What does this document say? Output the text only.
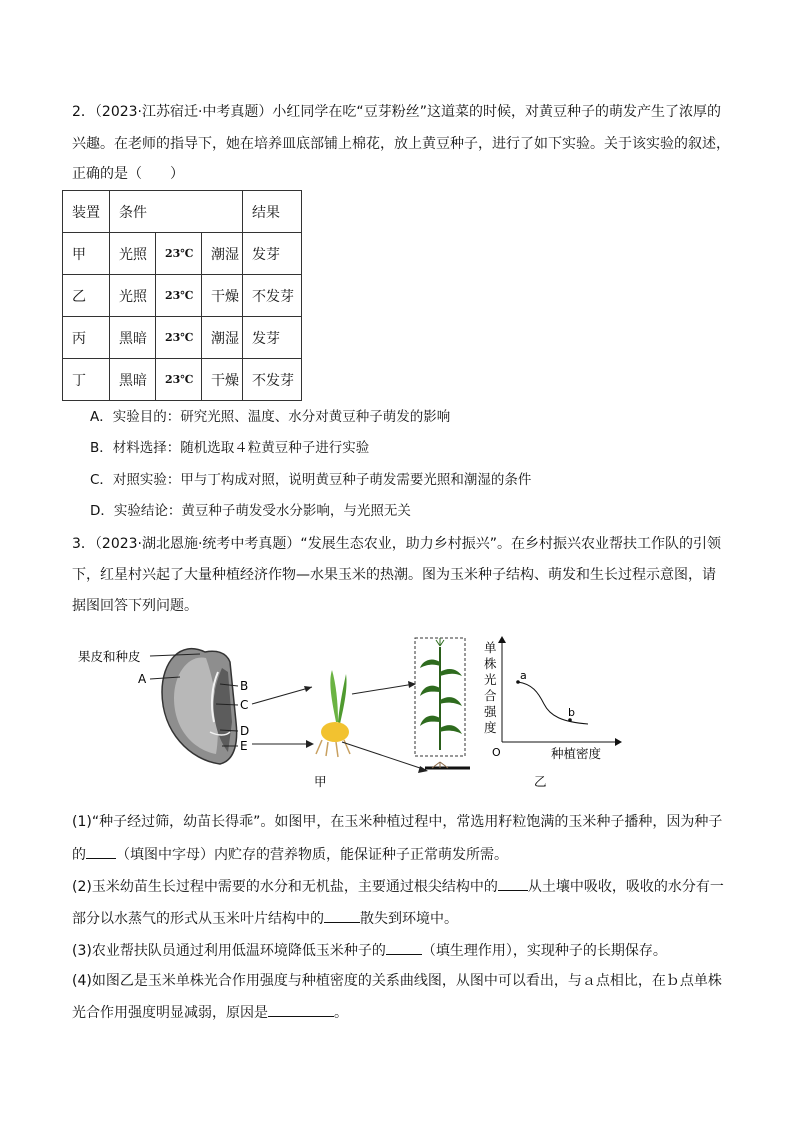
2．（2023·江苏宿迁·中考真题）小红同学在吃“豆芽粉丝”这道菜的时候，对黄豆种子的萌发产生了浓厚的
兴趣。在老师的指导下，她在培养皿底部铺上棉花，放上黄豆种子，进行了如下实验。关于该实验的叙述，
正确的是（　　）
装置	条件			结果
甲	光照	23℃	潮湿	发芽
乙	光照	23℃	干燥	不发芽
丙	黑暗	23℃	潮湿	发芽
丁	黑暗	23℃	干燥	不发芽
A．实验目的：研究光照、温度、水分对黄豆种子萌发的影响
B．材料选择：随机选取４粒黄豆种子进行实验
C．对照实验：甲与丁构成对照，说明黄豆种子萌发需要光照和潮湿的条件
D．实验结论：黄豆种子萌发受水分影响，与光照无关
3．（2023·湖北恩施·统考中考真题）“发展生态农业，助力乡村振兴”。在乡村振兴农业帮扶工作队的引领
下，红星村兴起了大量种植经济作物—水果玉米的热潮。图为玉米种子结构、萌发和生长过程示意图，请
据图回答下列问题。
果皮和种皮
A	B
C
D
E
a
b
O	种植密度
单
株
光
合
强
度
甲	乙
(1)“种子经过筛，幼苗长得乖”。如图甲，在玉米种植过程中，常选用籽粒饱满的玉米种子播种，因为种子
的 （填图中字母）内贮存的营养物质，能保证种子正常萌发所需。
(2)玉米幼苗生长过程中需要的水分和无机盐，主要通过根尖结构中的 从土壤中吸收，吸收的水分有一
部分以水蒸气的形式从玉米叶片结构中的	散失到环境中。
(3)农业帮扶队员通过利用低温环境降低玉米种子的	（填生理作用），实现种子的长期保存。
(4)如图乙是玉米单株光合作用强度与种植密度的关系曲线图，从图中可以看出，与ａ点相比，在ｂ点单株
光合作用强度明显减弱，原因是	。
